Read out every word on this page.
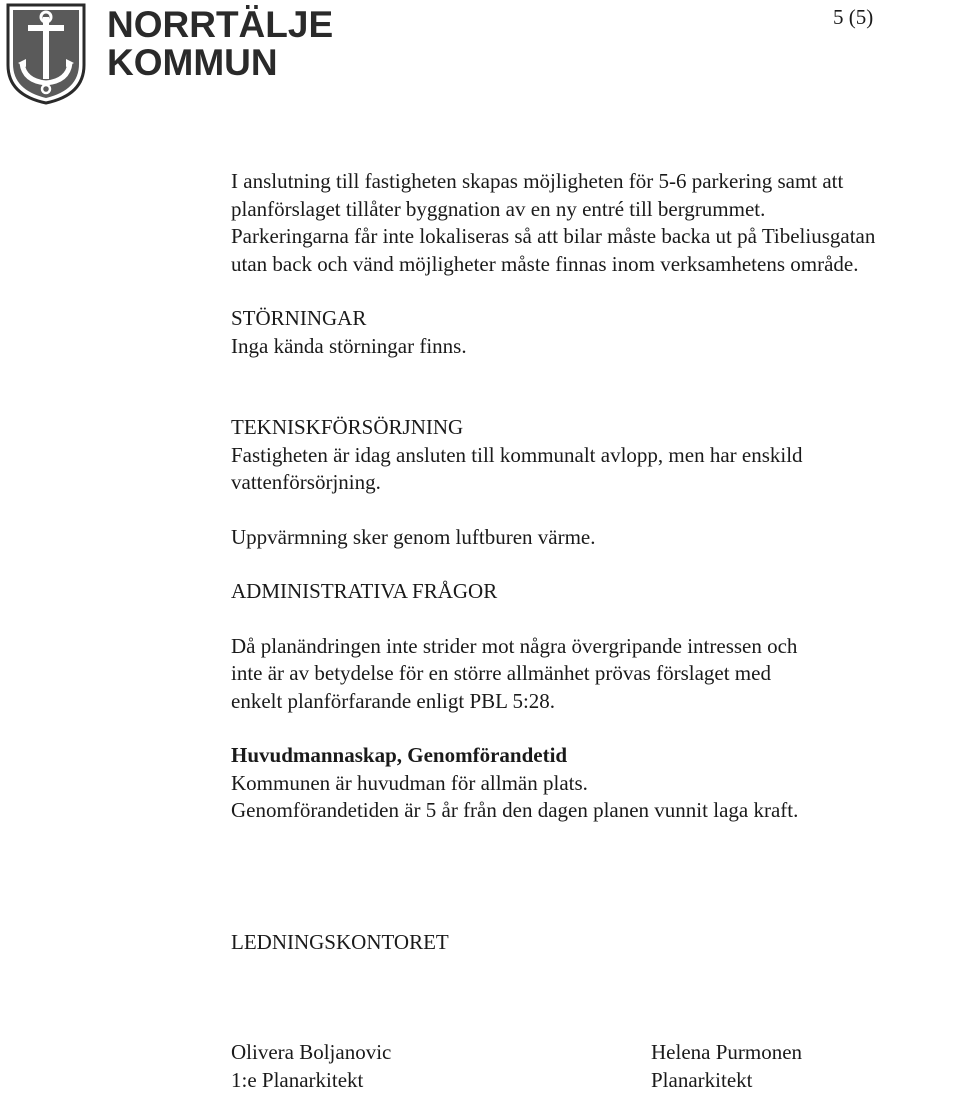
NORRTÄLJE
KOMMUN
5 (5)
I anslutning till fastigheten skapas möjligheten för 5-6 parkering samt att
planförslaget tillåter byggnation av en ny entré till bergrummet.
Parkeringarna får inte lokaliseras så att bilar måste backa ut på Tibeliusgatan
utan back och vänd möjligheter måste finnas inom verksamhetens område.
STÖRNINGAR
Inga kända störningar finns.
TEKNISKFÖRSÖRJNING
Fastigheten är idag ansluten till kommunalt avlopp, men har enskild
vattenförsörjning.
Uppvärmning sker genom luftburen värme.
ADMINISTRATIVA FRÅGOR
Då planändringen inte strider mot några övergripande intressen och
inte är av betydelse för en större allmänhet prövas förslaget med
enkelt planförfarande enligt PBL 5:28.
Huvudmannaskap, Genomförandetid
Kommunen är huvudman för allmän plats.
Genomförandetiden är 5 år från den dagen planen vunnit laga kraft.
LEDNINGSKONTORET
Olivera Boljanovic
1:e Planarkitekt
Helena Purmonen
Planarkitekt
